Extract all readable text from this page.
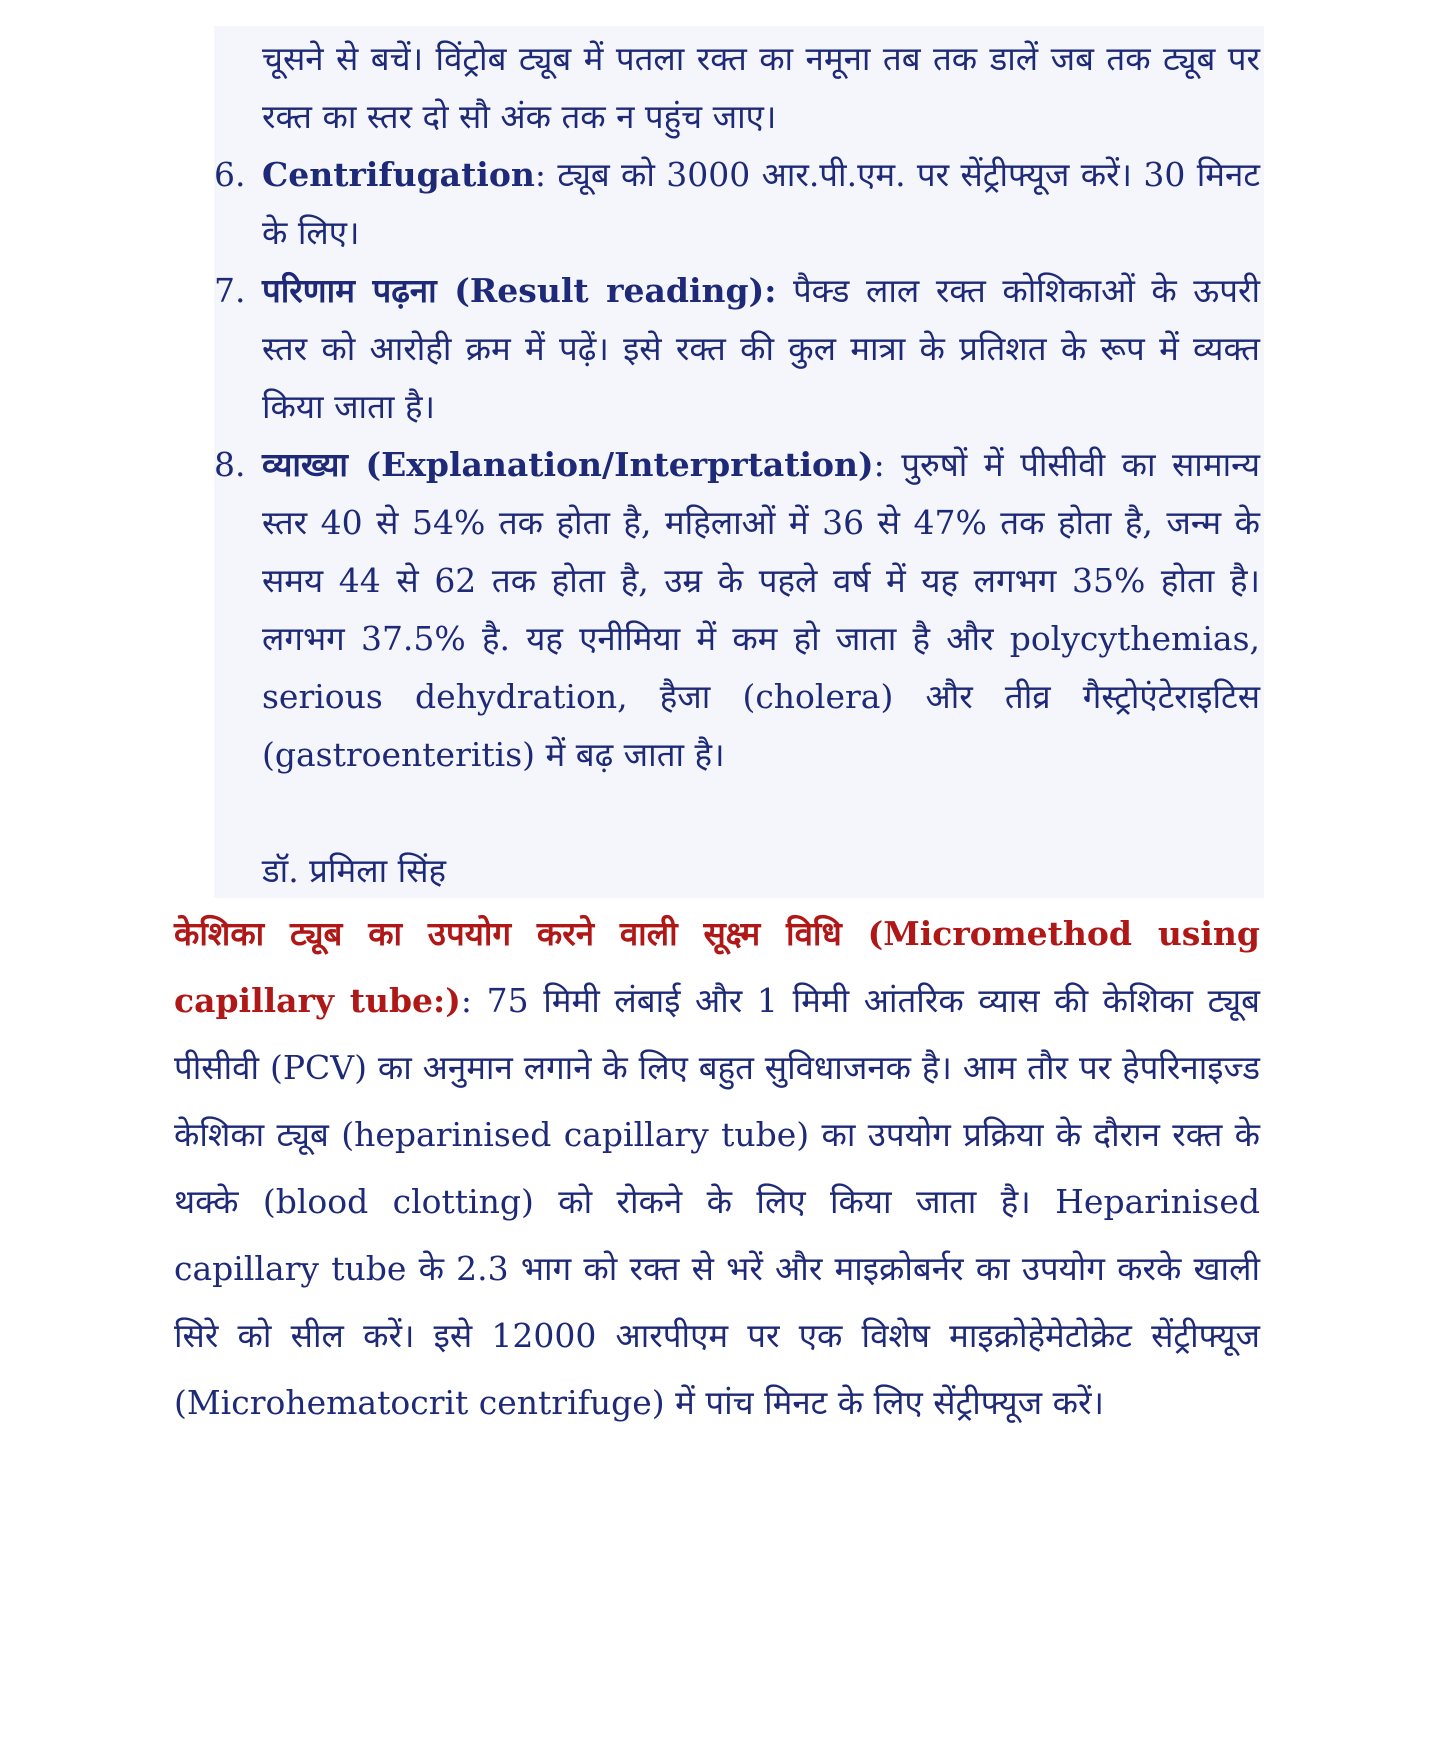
चूसने से बचें। विंट्रोब ट्यूब में पतला रक्त का नमूना तब तक डालें जब तक ट्यूब पर रक्त का स्तर दो सौ अंक तक न पहुंच जाए।

6. Centrifugation: ट्यूब को 3000 आर.पी.एम. पर सेंट्रीफ्यूज करें। 30 मिनट के लिए।
7. परिणाम पढ़ना (Result reading): पैक्ड लाल रक्त कोशिकाओं के ऊपरी स्तर को आरोही क्रम में पढ़ें। इसे रक्त की कुल मात्रा के प्रतिशत के रूप में व्यक्त किया जाता है।
8. व्याख्या (Explanation/Interprtation): पुरुषों में पीसीवी का सामान्य स्तर 40 से 54% तक होता है, महिलाओं में 36 से 47% तक होता है, जन्म के समय 44 से 62 तक होता है, उम्र के पहले वर्ष में यह लगभग 35% होता है। लगभग 37.5% है. यह एनीमिया में कम हो जाता है और polycythemias, serious dehydration, हैजा (cholera) और तीव्र गैस्ट्रोएंटेराइटिस (gastroenteritis) में बढ़ जाता है।
डॉ. प्रमिला सिंह

केशिका ट्यूब का उपयोग करने वाली सूक्ष्म विधि (Micromethod using capillary tube:): 75 मिमी लंबाई और 1 मिमी आंतरिक व्यास की केशिका ट्यूब पीसीवी (PCV) का अनुमान लगाने के लिए बहुत सुविधाजनक है। आम तौर पर हेपरिनाइज्ड केशिका ट्यूब (heparinised capillary tube) का उपयोग प्रक्रिया के दौरान रक्त के थक्के (blood clotting) को रोकने के लिए किया जाता है। Heparinised capillary tube के 2.3 भाग को रक्त से भरें और माइक्रोबर्नर का उपयोग करके खाली सिरे को सील करें। इसे 12000 आरपीएम पर एक विशेष माइक्रोहेमेटोक्रेट सेंट्रीफ्यूज (Microhematocrit centrifuge) में पांच मिनट के लिए सेंट्रीफ्यूज करें।
